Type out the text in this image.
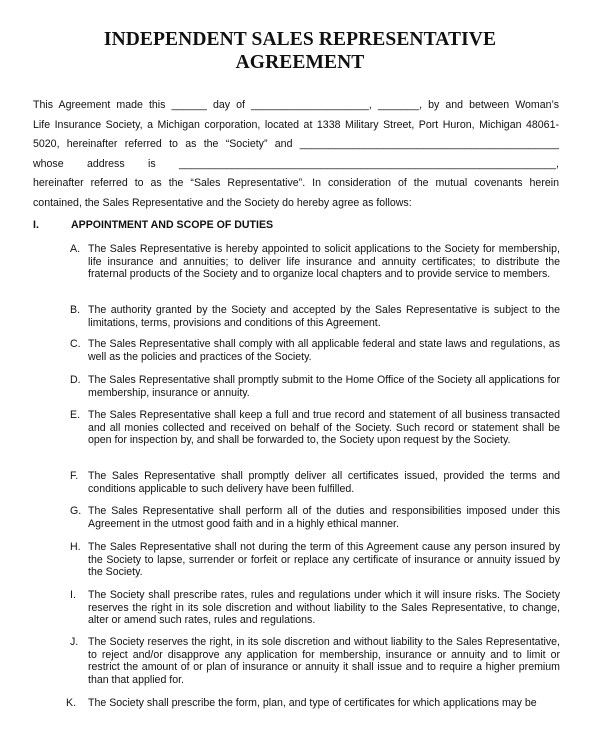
INDEPENDENT SALES REPRESENTATIVE
AGREEMENT
This Agreement made this ______ day of ____________________, _______, by and between Woman’s
Life Insurance Society, a Michigan corporation, located at 1338 Military Street, Port Huron, Michigan 48061-
5020, hereinafter referred to as the “Society” and ____________________________________________
whose address is ________________________________________________________________,
hereinafter referred to as the “Sales Representative”. In consideration of the mutual covenants herein
contained, the Sales Representative and the Society do hereby agree as follows:
I.	APPOINTMENT AND SCOPE OF DUTIES
A. The Sales Representative is hereby appointed to solicit applications to the Society for membership, life insurance and annuities; to deliver life insurance and annuity certificates; to distribute the fraternal products of the Society and to organize local chapters and to provide service to members.
B. The authority granted by the Society and accepted by the Sales Representative is subject to the limitations, terms, provisions and conditions of this Agreement.
C. The Sales Representative shall comply with all applicable federal and state laws and regulations, as well as the policies and practices of the Society.
D. The Sales Representative shall promptly submit to the Home Office of the Society all applications for membership, insurance or annuity.
E. The Sales Representative shall keep a full and true record and statement of all business transacted and all monies collected and received on behalf of the Society. Such record or statement shall be open for inspection by, and shall be forwarded to, the Society upon request by the Society.
F. The Sales Representative shall promptly deliver all certificates issued, provided the terms and conditions applicable to such delivery have been fulfilled.
G. The Sales Representative shall perform all of the duties and responsibilities imposed under this Agreement in the utmost good faith and in a highly ethical manner.
H. The Sales Representative shall not during the term of this Agreement cause any person insured by the Society to lapse, surrender or forfeit or replace any certificate of insurance or annuity issued by the Society.
I. The Society shall prescribe rates, rules and regulations under which it will insure risks. The Society reserves the right in its sole discretion and without liability to the Sales Representative, to change, alter or amend such rates, rules and regulations.
J. The Society reserves the right, in its sole discretion and without liability to the Sales Representative, to reject and/or disapprove any application for membership, insurance or annuity and to limit or restrict the amount of or plan of insurance or annuity it shall issue and to require a higher premium than that applied for.
K. The Society shall prescribe the form, plan, and type of certificates for which applications may be
